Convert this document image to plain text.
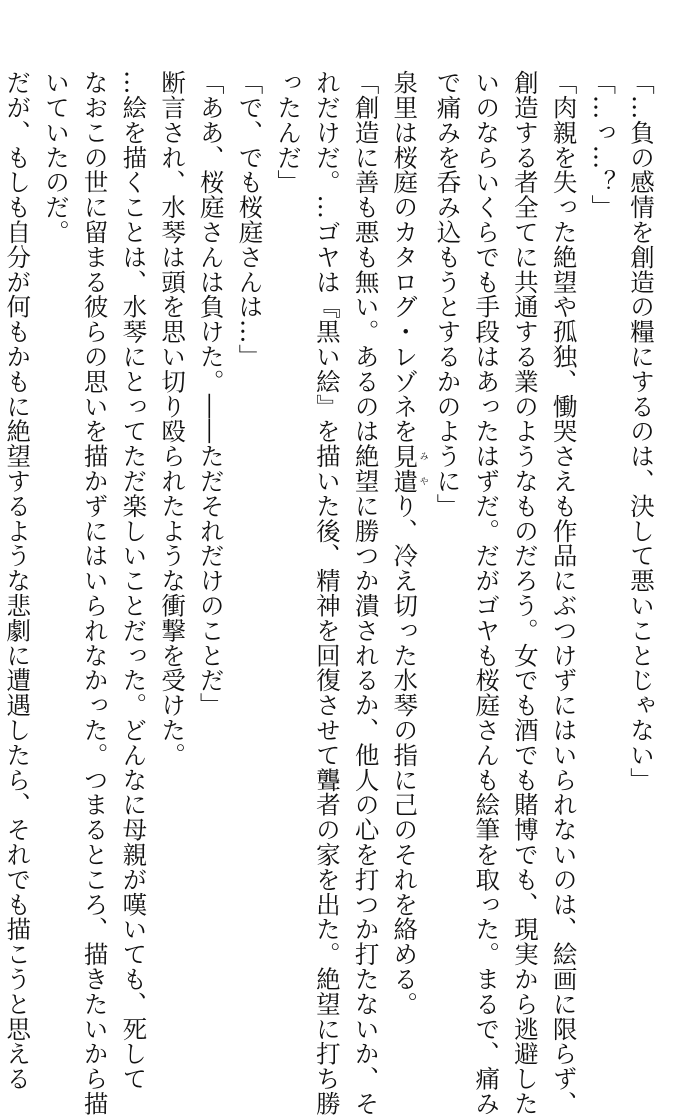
「…負の感情を創造の糧にするのは、決して悪いことじゃない」

「…っ…？」

「肉親を失った絶望や孤独、慟哭さえも作品にぶつけずにはいられないのは、絵画に限らず、

創造する者全てに共通する業のようなものだろう。女でも酒でも賭博でも、現実から逃避した

いのならいくらでも手段はあったはずだ。だがゴヤも桜庭さんも絵筆を取った。まるで、痛み

で痛みを呑み込もうとするかのように」

泉里は桜庭のカタログ・レゾネを見遣みやり、冷え切った水琴の指に己のそれを絡める。

「創造に善も悪も無い。あるのは絶望に勝つか潰されるか、他人の心を打つか打たないか、そ

れだけだ。…ゴヤは『黒い絵』を描いた後、精神を回復させて聾者の家を出た。絶望に打ち勝

ったんだ」

「で、でも桜庭さんは…」

「ああ、桜庭さんは負けた。――ただそれだけのことだ」

断言され、水琴は頭を思い切り殴られたような衝撃を受けた。

…絵を描くことは、水琴にとってただ楽しいことだった。どんなに母親が嘆いても、死して

なおこの世に留まる彼らの思いを描かずにはいられなかった。つまるところ、描きたいから描

いていたのだ。

だが、もしも自分が何もかもに絶望するような悲劇に遭遇したら、それでも描こうと思える
